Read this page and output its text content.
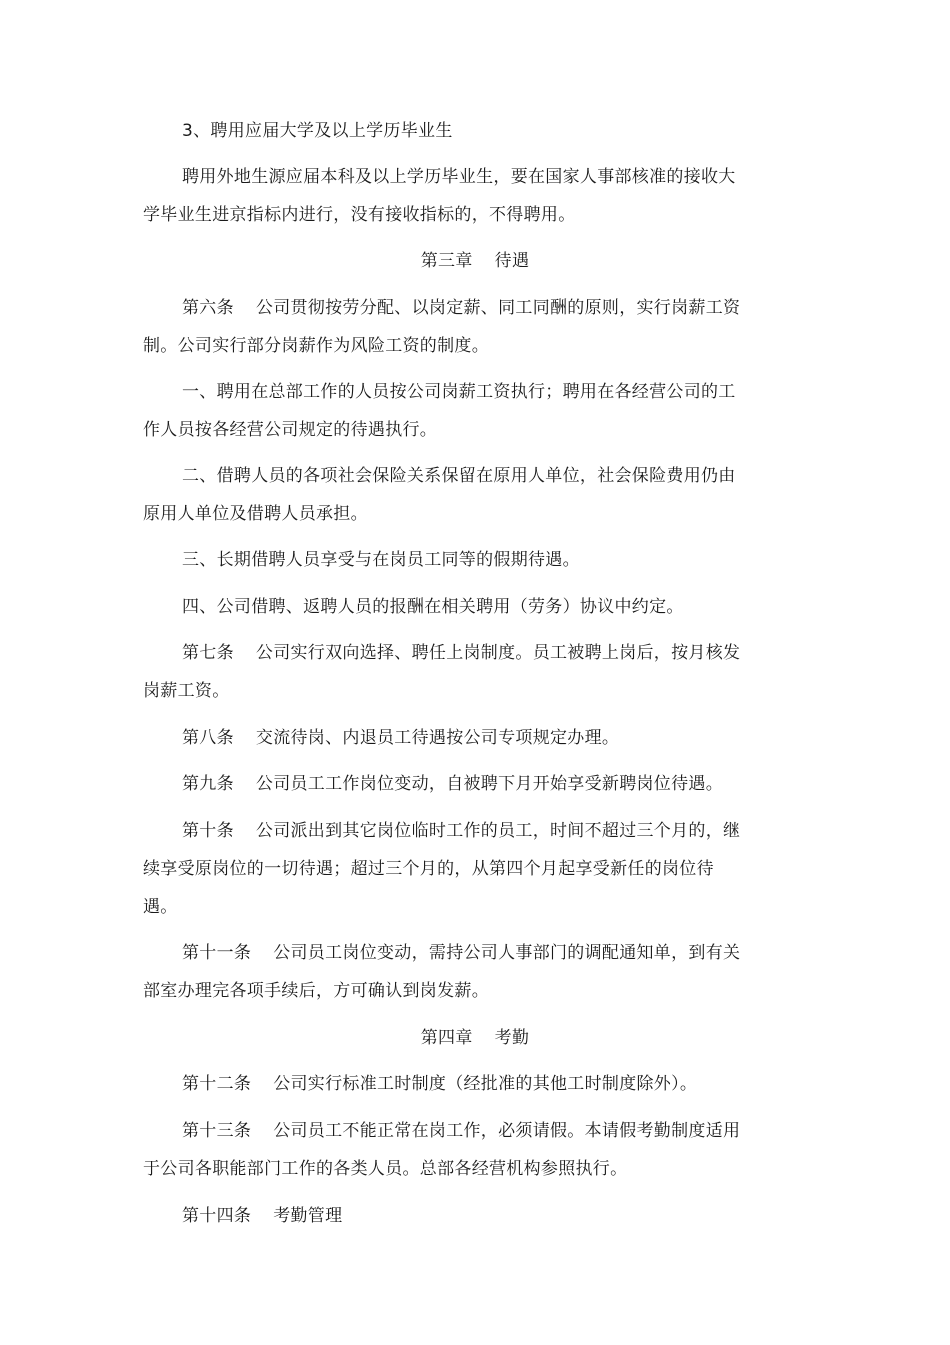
3、聘用应届大学及以上学历毕业生
聘用外地生源应届本科及以上学历毕业生，要在国家人事部核准的接收大
学毕业生进京指标内进行，没有接收指标的，不得聘用。
第三章 待遇
第六条 公司贯彻按劳分配、以岗定薪、同工同酬的原则，实行岗薪工资
制。公司实行部分岗薪作为风险工资的制度。
一、聘用在总部工作的人员按公司岗薪工资执行；聘用在各经营公司的工
作人员按各经营公司规定的待遇执行。
二、借聘人员的各项社会保险关系保留在原用人单位，社会保险费用仍由
原用人单位及借聘人员承担。
三、长期借聘人员享受与在岗员工同等的假期待遇。
四、公司借聘、返聘人员的报酬在相关聘用（劳务）协议中约定。
第七条 公司实行双向选择、聘任上岗制度。员工被聘上岗后，按月核发
岗薪工资。
第八条 交流待岗、内退员工待遇按公司专项规定办理。
第九条 公司员工工作岗位变动，自被聘下月开始享受新聘岗位待遇。
第十条 公司派出到其它岗位临时工作的员工，时间不超过三个月的，继
续享受原岗位的一切待遇；超过三个月的，从第四个月起享受新任的岗位待
遇。
第十一条 公司员工岗位变动，需持公司人事部门的调配通知单，到有关
部室办理完各项手续后，方可确认到岗发薪。
第四章 考勤
第十二条 公司实行标准工时制度（经批准的其他工时制度除外）。
第十三条 公司员工不能正常在岗工作，必须请假。本请假考勤制度适用
于公司各职能部门工作的各类人员。总部各经营机构参照执行。
第十四条 考勤管理
